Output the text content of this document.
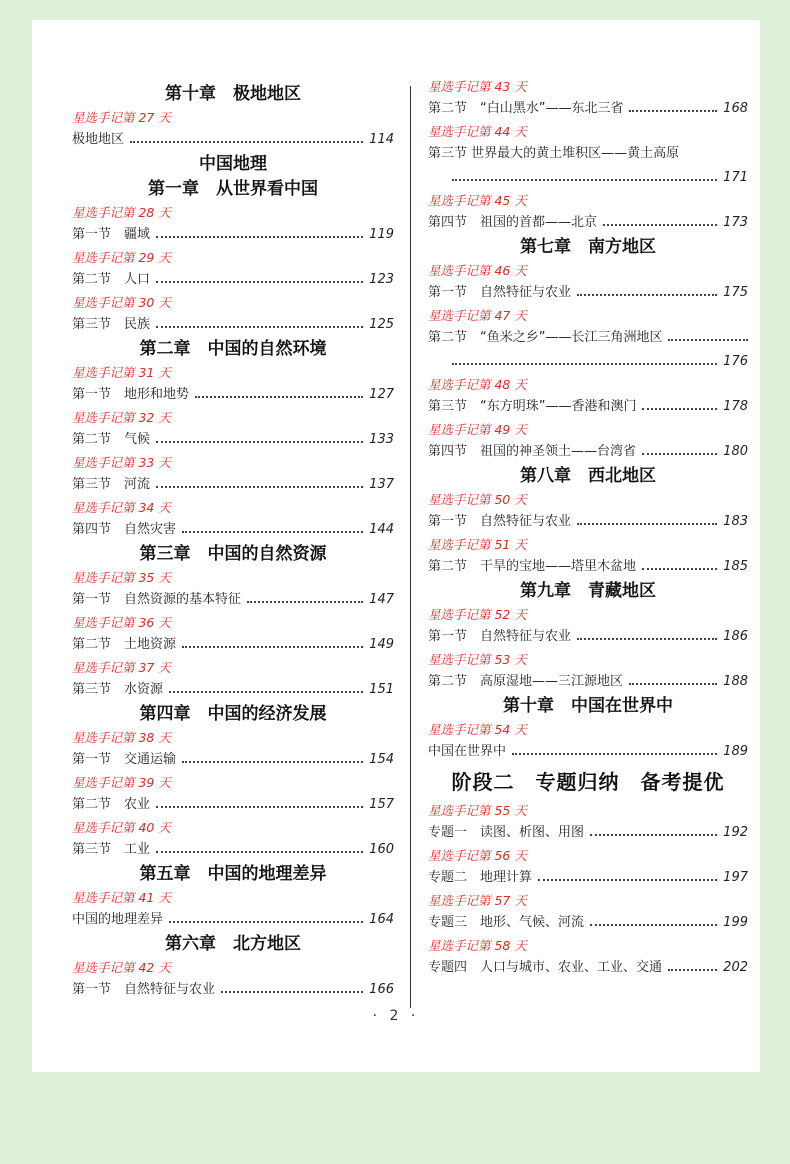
第十章　极地地区
星选手记第 27 天
极地地区	114
中国地理
第一章　从世界看中国
星选手记第 28 天
第一节　疆域	119
星选手记第 29 天
第二节　人口	123
星选手记第 30 天
第三节　民族	125
第二章　中国的自然环境
星选手记第 31 天
第一节　地形和地势	127
星选手记第 32 天
第二节　气候	133
星选手记第 33 天
第三节　河流	137
星选手记第 34 天
第四节　自然灾害	144
第三章　中国的自然资源
星选手记第 35 天
第一节　自然资源的基本特征	147
星选手记第 36 天
第二节　土地资源	149
星选手记第 37 天
第三节　水资源	151
第四章　中国的经济发展
星选手记第 38 天
第一节　交通运输	154
星选手记第 39 天
第二节　农业	157
星选手记第 40 天
第三节　工业	160
第五章　中国的地理差异
星选手记第 41 天
中国的地理差异	164
第六章　北方地区
星选手记第 42 天
第一节　自然特征与农业	166
星选手记第 43 天
第二节　“白山黑水”——东北三省	168
星选手记第 44 天
第三节 世界最大的黄土堆积区——黄土高原
171
星选手记第 45 天
第四节　祖国的首都——北京	173
第七章　南方地区
星选手记第 46 天
第一节　自然特征与农业	175
星选手记第 47 天
第二节　“鱼米之乡”——长江三角洲地区
176
星选手记第 48 天
第三节　“东方明珠”——香港和澳门	178
星选手记第 49 天
第四节　祖国的神圣领土——台湾省	180
第八章　西北地区
星选手记第 50 天
第一节　自然特征与农业	183
星选手记第 51 天
第二节　干旱的宝地——塔里木盆地	185
第九章　青藏地区
星选手记第 52 天
第一节　自然特征与农业	186
星选手记第 53 天
第二节　高原湿地——三江源地区	188
第十章　中国在世界中
星选手记第 54 天
中国在世界中	189
阶段二　专题归纳　备考提优
星选手记第 55 天
专题一　读图、析图、用图	192
星选手记第 56 天
专题二　地理计算	197
星选手记第 57 天
专题三　地形、气候、河流	199
星选手记第 58 天
专题四　人口与城市、农业、工业、交通	202
· 2 ·
